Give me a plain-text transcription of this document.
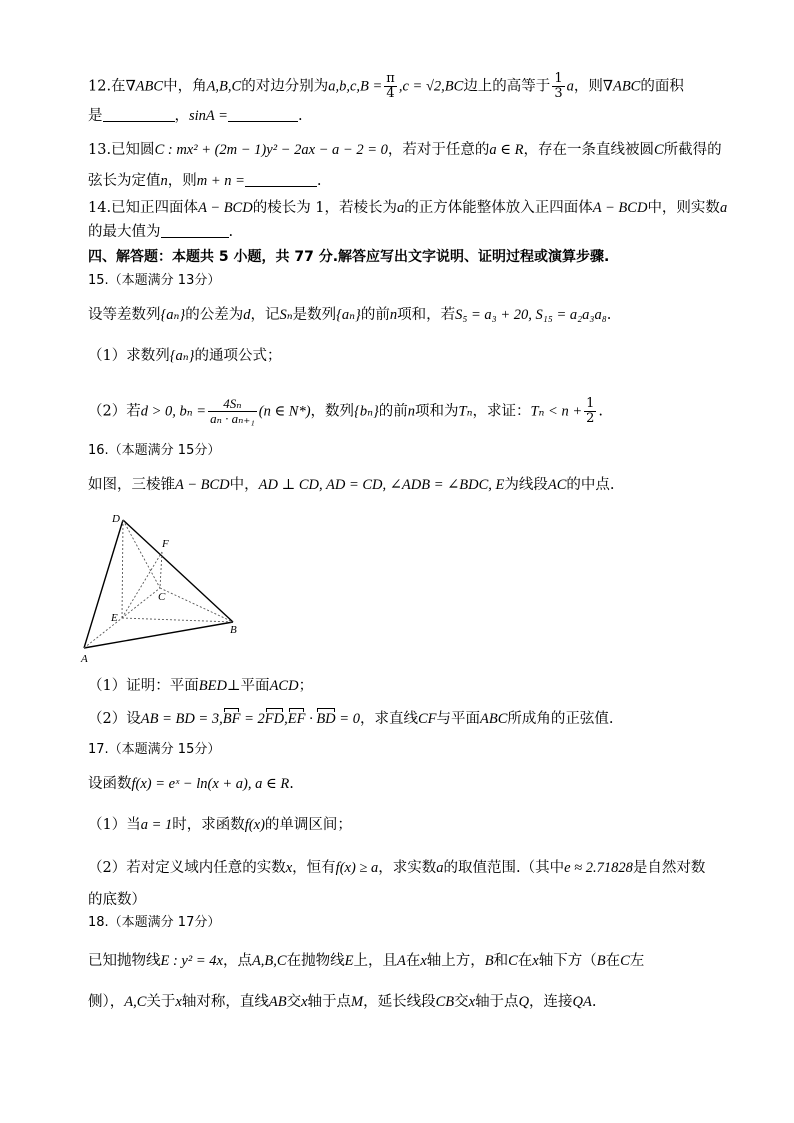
12.在∇ABC中，角A,B,C的对边分别为$a,b,c,B = \frac{\pi}{4} ,c = √2,BC$边上的高等于 $\frac{1}{3}$ a，则∇ABC的面积
是	，sinA =	.
13.已知圆C : mx² + (2m − 1)y² − 2ax − a − 2 = 0，若对于任意的a ∈ R，存在一条直线被圆C所截得的
弦长为定值n，则m + n =	.
14.已知正四面体A − BCD的棱长为 1，若棱长为a的正方体能整体放入正四面体A − BCD中，则实数a
的最大值为	.
四、解答题：本题共 5 小题，共 77 分.解答应写出文字说明、证明过程或演算步骤.
15.（本题满分 13分）
设等差数列{aₙ}的公差为d，记Sₙ是数列{aₙ}的前n项和，若S₅ = a₃ + 20, S₁₅ = a₂a₃a₈.
（1）求数列{aₙ}的通项公式；
（2）若d > 0, $b_n = \frac{\text{4Sₙ}}{\text{aₙ · aₙ₊₁}} (n$ ∈ N*)，数列{bₙ}的前n项和为Tₙ，求证：$T_n < n + \frac{1}{2}$ .
16.（本题满分 15分）
如图，三棱锥A − BCD中，AD ⊥ CD, AD = CD, ∠ADB = ∠BDC, E为线段AC的中点.
D
F
C
E
B
A
（1）证明：平面BED⊥平面ACD；
（2）设AB = BD = 3,BF = 2FD,EF · BD = 0，求直线CF与平面ABC所成角的正弦值.
17.（本题满分 15分）
设函数f(x) = eˣ − ln(x + a), a ∈ R.
（1）当a = 1时，求函数f(x)的单调区间；
（2）若对定义域内任意的实数x，恒有f(x) ≥ a，求实数a的取值范围.（其中e ≈ 2.71828是自然对数
的底数）
18.（本题满分 17分）
已知抛物线E : y² = 4x，点A,B,C在抛物线E上，且A在x轴上方，B和C在x轴下方（B在C左
侧），A,C关于x轴对称，直线AB交x轴于点M，延长线段CB交x轴于点Q，连接QA.
